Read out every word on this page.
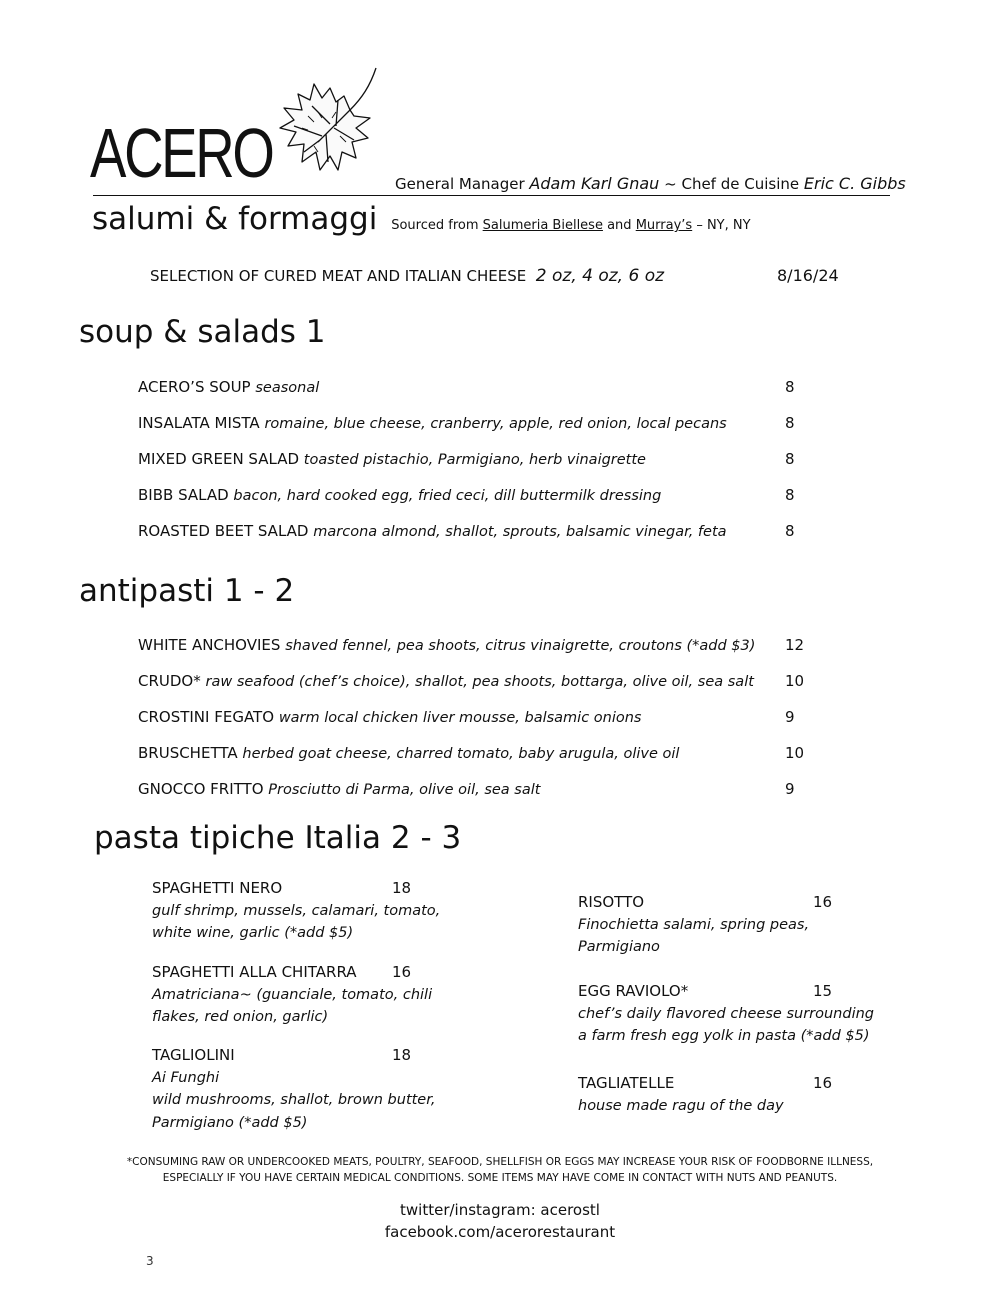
ACERO	General Manager Adam Karl Gnau ~ Chef de Cuisine Eric C. Gibbs
salumi & formaggi Sourced from Salumeria Biellese and Murray’s – NY, NY
SELECTION OF CURED MEAT AND ITALIAN CHEESE 2 oz, 4 oz, 6 oz	8/16/24
soup & salads 1
ACERO’S SOUP seasonal	8
INSALATA MISTA romaine, blue cheese, cranberry, apple, red onion, local pecans	8
MIXED GREEN SALAD toasted pistachio, Parmigiano, herb vinaigrette	8
BIBB SALAD bacon, hard cooked egg, fried ceci, dill buttermilk dressing	8
ROASTED BEET SALAD marcona almond, shallot, sprouts, balsamic vinegar, feta	8
antipasti 1 - 2
WHITE ANCHOVIES shaved fennel, pea shoots, citrus vinaigrette, croutons (*add $3) 12
CRUDO* raw seafood (chef’s choice), shallot, pea shoots, bottarga, olive oil, sea salt 10
CROSTINI FEGATO warm local chicken liver mousse, balsamic onions	9
BRUSCHETTA herbed goat cheese, charred tomato, baby arugula, olive oil	10
GNOCCO FRITTO Prosciutto di Parma, olive oil, sea salt	9
pasta tipiche Italia 2 - 3
SPAGHETTI NERO	18
gulf shrimp, mussels, calamari, tomato,
white wine, garlic (*add $5)
SPAGHETTI ALLA CHITARRA 16
Amatriciana~ (guanciale, tomato, chili
flakes, red onion, garlic)
TAGLIOLINI	18
Ai Funghi
wild mushrooms, shallot, brown butter,
Parmigiano (*add $5)
RISOTTO	16
Finochietta salami, spring peas,
Parmigiano
EGG RAVIOLO*	15
chef’s daily flavored cheese surrounding
a farm fresh egg yolk in pasta (*add $5)
TAGLIATELLE	16
house made ragu of the day
*CONSUMING RAW OR UNDERCOOKED MEATS, POULTRY, SEAFOOD, SHELLFISH OR EGGS MAY INCREASE YOUR RISK OF FOODBORNE ILLNESS,
ESPECIALLY IF YOU HAVE CERTAIN MEDICAL CONDITIONS. SOME ITEMS MAY HAVE COME IN CONTACT WITH NUTS AND PEANUTS.
twitter/instagram: acerostl
facebook.com/acerorestaurant
3
